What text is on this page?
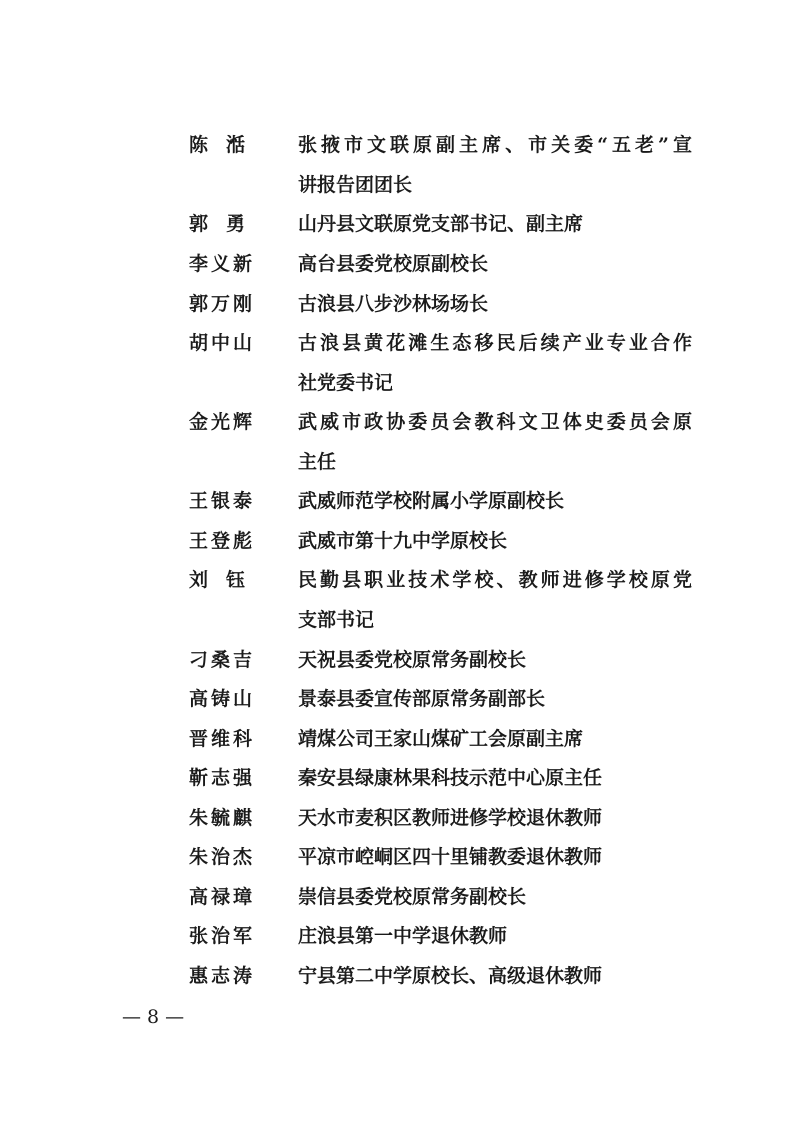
陈 湉	张掖市文联原副主席、市关委“五老”宣
讲报告团团长
郭 勇	山丹县文联原党支部书记、副主席
李义新 高台县委党校原副校长
郭万刚 古浪县八步沙林场场长
胡中山 古浪县黄花滩生态移民后续产业专业合作
社党委书记
金光辉 武威市政协委员会教科文卫体史委员会原
主任
王银泰 武威师范学校附属小学原副校长
王登彪 武威市第十九中学原校长
刘 钰	民勤县职业技术学校、教师进修学校原党
支部书记
刁桑吉 天祝县委党校原常务副校长
高铸山 景泰县委宣传部原常务副部长
晋维科 靖煤公司王家山煤矿工会原副主席
靳志强 秦安县绿康林果科技示范中心原主任
朱毓麒 天水市麦积区教师进修学校退休教师
朱治杰 平凉市崆峒区四十里铺教委退休教师
高禄璋 崇信县委党校原常务副校长
张治军 庄浪县第一中学退休教师
惠志涛 宁县第二中学原校长、高级退休教师
— 8 —
